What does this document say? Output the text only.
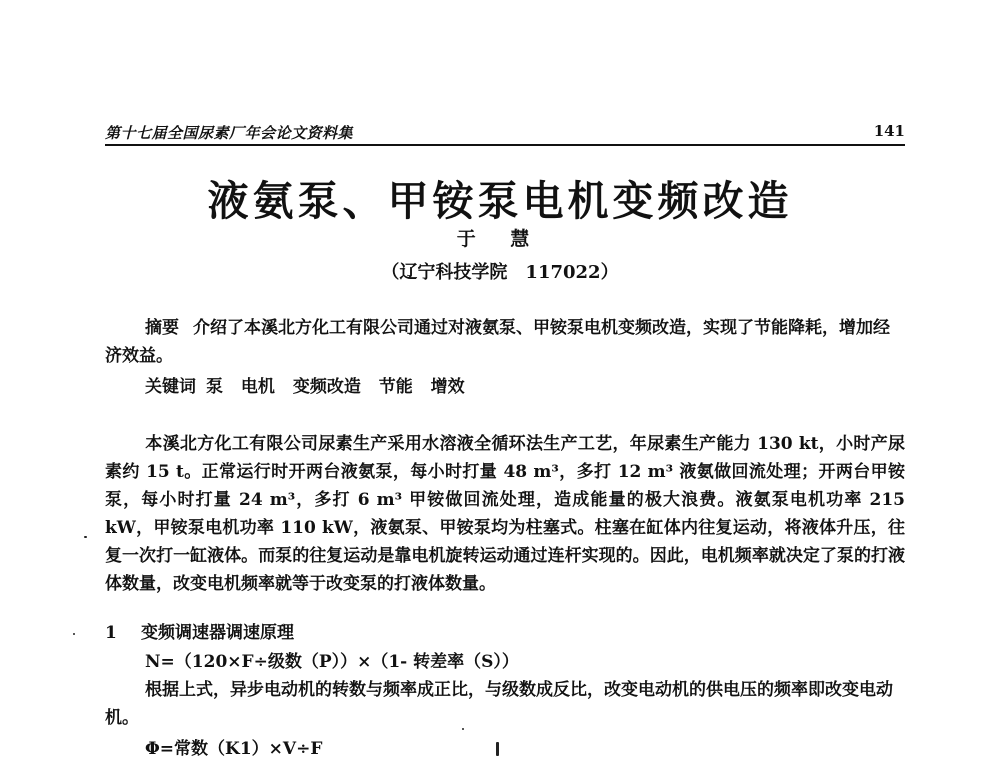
第十七届全国尿素厂年会论文资料集	141
液氨泵、甲铵泵电机变频改造
于 慧
（辽宁科技学院　117022）
摘要 介绍了本溪北方化工有限公司通过对液氨泵、甲铵泵电机变频改造，实现了节能降耗，增加经济效益。
关键词 泵 电机 变频改造 节能 增效
本溪北方化工有限公司尿素生产采用水溶液全循环法生产工艺，年尿素生产能力 130 kt，小时产尿素约 15 t。正常运行时开两台液氨泵，每小时打量 48 m³，多打 12 m³ 液氨做回流处理；开两台甲铵泵，每小时打量 24 m³，多打 6 m³ 甲铵做回流处理，造成能量的极大浪费。液氨泵电机功率 215 kW，甲铵泵电机功率 110 kW，液氨泵、甲铵泵均为柱塞式。柱塞在缸体内往复运动，将液体升压，往复一次打一缸液体。而泵的往复运动是靠电机旋转运动通过连杆实现的。因此，电机频率就决定了泵的打液体数量，改变电机频率就等于改变泵的打液体数量。
1 变频调速器调速原理
N=（120×F÷级数（P））×（1- 转差率（S））
根据上式，异步电动机的转数与频率成正比，与级数成反比，改变电动机的供电压的频率即改变电动机。
Φ=常数（K1）×V÷F
